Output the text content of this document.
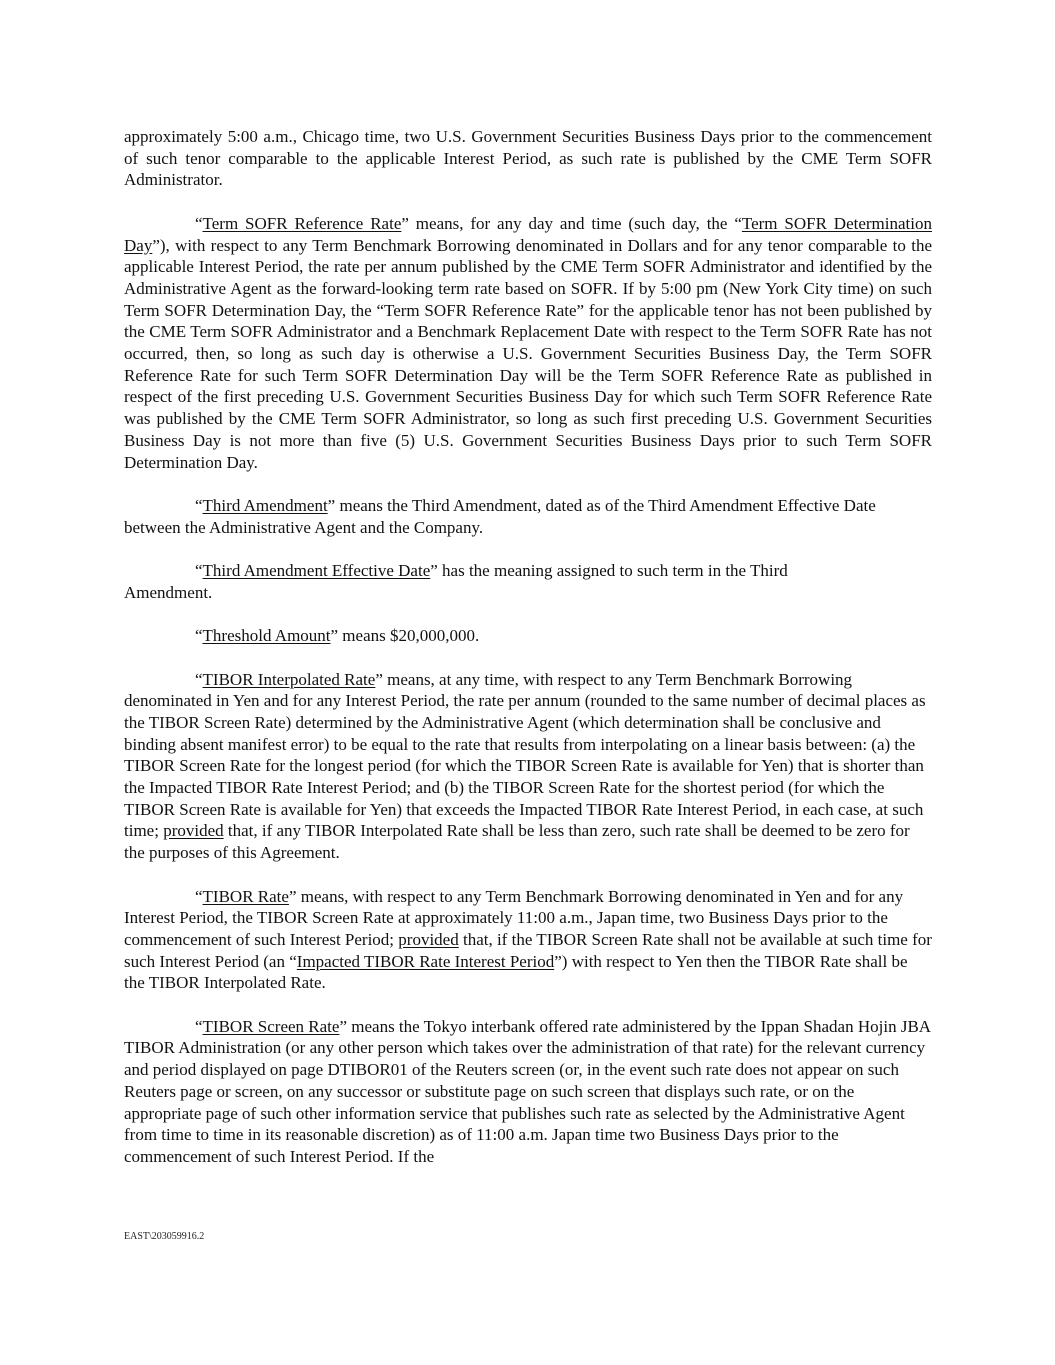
approximately 5:00 a.m., Chicago time, two U.S. Government Securities Business Days prior to the commencement of such tenor comparable to the applicable Interest Period, as such rate is published by the CME Term SOFR Administrator.

“Term SOFR Reference Rate” means, for any day and time (such day, the “Term SOFR Determination Day”), with respect to any Term Benchmark Borrowing denominated in Dollars and for any tenor comparable to the applicable Interest Period, the rate per annum published by the CME Term SOFR Administrator and identified by the Administrative Agent as the forward-looking term rate based on SOFR. If by 5:00 pm (New York City time) on such Term SOFR Determination Day, the “Term SOFR Reference Rate” for the applicable tenor has not been published by the CME Term SOFR Administrator and a Benchmark Replacement Date with respect to the Term SOFR Rate has not occurred, then, so long as such day is otherwise a U.S. Government Securities Business Day, the Term SOFR Reference Rate for such Term SOFR Determination Day will be the Term SOFR Reference Rate as published in respect of the first preceding U.S. Government Securities Business Day for which such Term SOFR Reference Rate was published by the CME Term SOFR Administrator, so long as such first preceding U.S. Government Securities Business Day is not more than five (5) U.S. Government Securities Business Days prior to such Term SOFR Determination Day.

“Third Amendment” means the Third Amendment, dated as of the Third Amendment Effective Date between the Administrative Agent and the Company.

“Third Amendment Effective Date” has the meaning assigned to such term in the Third Amendment.

“Threshold Amount” means $20,000,000.

“TIBOR Interpolated Rate” means, at any time, with respect to any Term Benchmark Borrowing denominated in Yen and for any Interest Period, the rate per annum (rounded to the same number of decimal places as the TIBOR Screen Rate) determined by the Administrative Agent (which determination shall be conclusive and binding absent manifest error) to be equal to the rate that results from interpolating on a linear basis between: (a) the TIBOR Screen Rate for the longest period (for which the TIBOR Screen Rate is available for Yen) that is shorter than the Impacted TIBOR Rate Interest Period; and (b) the TIBOR Screen Rate for the shortest period (for which the TIBOR Screen Rate is available for Yen) that exceeds the Impacted TIBOR Rate Interest Period, in each case, at such time; provided that, if any TIBOR Interpolated Rate shall be less than zero, such rate shall be deemed to be zero for the purposes of this Agreement.

“TIBOR Rate” means, with respect to any Term Benchmark Borrowing denominated in Yen and for any Interest Period, the TIBOR Screen Rate at approximately 11:00 a.m., Japan time, two Business Days prior to the commencement of such Interest Period; provided that, if the TIBOR Screen Rate shall not be available at such time for such Interest Period (an “Impacted TIBOR Rate Interest Period”) with respect to Yen then the TIBOR Rate shall be the TIBOR Interpolated Rate.

“TIBOR Screen Rate” means the Tokyo interbank offered rate administered by the Ippan Shadan Hojin JBA TIBOR Administration (or any other person which takes over the administration of that rate) for the relevant currency and period displayed on page DTIBOR01 of the Reuters screen (or, in the event such rate does not appear on such Reuters page or screen, on any successor or substitute page on such screen that displays such rate, or on the appropriate page of such other information service that publishes such rate as selected by the Administrative Agent from time to time in its reasonable discretion) as of 11:00 a.m. Japan time two Business Days prior to the commencement of such Interest Period. If the

EAST\203059916.2
